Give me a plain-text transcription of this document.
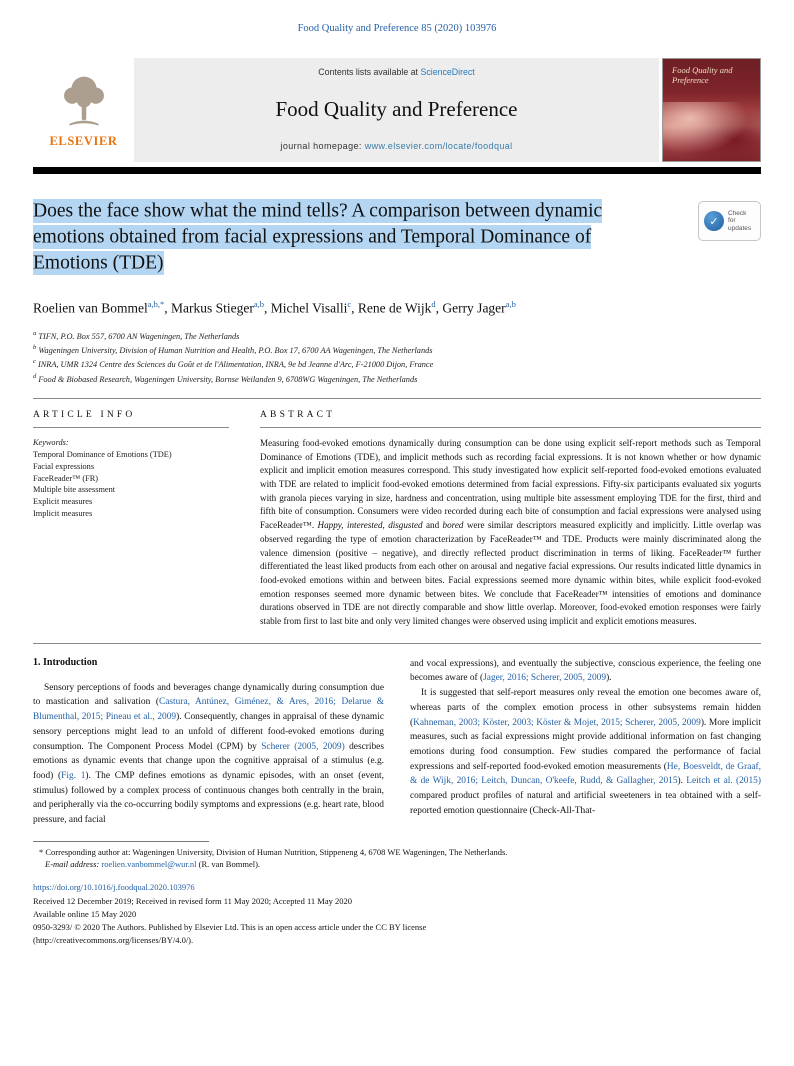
Food Quality and Preference 85 (2020) 103976
ELSEVIER
Contents lists available at ScienceDirect
Food Quality and Preference
journal homepage: www.elsevier.com/locate/foodqual
Food Quality and Preference
Does the face show what the mind tells? A comparison between dynamic emotions obtained from facial expressions and Temporal Dominance of Emotions (TDE)
✓
Check for updates
Roelien van Bommel$^{a,b,*}$, Markus Stieger$^{a,b}$, Michel Visalli$^c$, Rene de Wijk$^d$, Gerry Jager$^{a,b}$
$^a$ TIFN, P.O. Box 557, 6700 AN Wageningen, The Netherlands
$^b$ Wageningen University, Division of Human Nutrition and Health, P.O. Box 17, 6700 AA Wageningen, The Netherlands
$^c$ INRA, UMR 1324 Centre des Sciences du Goût et de l'Alimentation, INRA, 9e bd Jeanne d'Arc, F-21000 Dijon, France
$^d$ Food & Biobased Research, Wageningen University, Bornse Weilanden 9, 6708WG Wageningen, The Netherlands
ARTICLE INFO
Keywords:
Temporal Dominance of Emotions (TDE)
Facial expressions
FaceReader™ (FR)
Multiple bite assessment
Explicit measures
Implicit measures
ABSTRACT

Measuring food-evoked emotions dynamically during consumption can be done using explicit self-report methods such as Temporal Dominance of Emotions (TDE), and implicit methods such as recording facial expressions. It is not known whether or how dynamic explicit and implicit emotion measures correspond. This study investigated how explicit self-reported food-evoked emotions evaluated with TDE are related to implicit food-evoked emotions determined from facial expressions. Fifty-six participants evaluated six yogurts with granola pieces varying in size, hardness and concentration, using multiple bite assessment employing TDE for the first, third and fifth bite of consumption. Consumers were video recorded during each bite of consumption and facial expressions were analysed using FaceReader™. Happy, interested, disgusted and bored were similar descriptors measured explicitly and implicitly. Little overlap was observed regarding the type of emotion characterization by FaceReader™ and TDE. Products were mainly discriminated along the valence dimension (positive – negative), and directly reflected product discrimination in terms of liking. FaceReader™ further differentiated the least liked products from each other on arousal and negative facial expressions. Our results indicated little dynamics in food-evoked emotions within and between bites. Facial expressions seemed more dynamic within bites, while explicit food-evoked emotion responses seemed more dynamic between bites. We conclude that FaceReader™ intensities of emotions and dominance durations observed in TDE are not directly comparable and show little overlap. Moreover, food-evoked emotion responses were fairly stable from first to last bite and only very limited changes were observed using implicit and explicit emotions measures.

1. Introduction

Sensory perceptions of foods and beverages change dynamically during consumption due to mastication and salivation (Castura, Antúnez, Giménez, & Ares, 2016; Delarue & Blumenthal, 2015; Pineau et al., 2009). Consequently, changes in appraisal of these dynamic sensory perceptions might lead to an unfold of different food-evoked emotions during consumption. The Component Process Model (CPM) by Scherer (2005, 2009) describes emotions as dynamic events that change upon the cognitive appraisal of a stimulus (e.g. food) (Fig. 1). The CMP defines emotions as dynamic episodes, with an onset (event, stimulus) followed by a complex process of continuous changes both centrally in the brain, and peripherally via the co-occurring bodily symptoms and expressions (e.g. heart rate, blood pressure, and facial

and vocal expressions), and eventually the subjective, conscious experience, the feeling one becomes aware of (Jager, 2016; Scherer, 2005, 2009).

It is suggested that self-report measures only reveal the emotion one becomes aware of, whereas parts of the complex emotion process in other subsystems remain hidden (Kahneman, 2003; Köster, 2003; Köster & Mojet, 2015; Scherer, 2005, 2009). More implicit measures, such as facial expressions might provide additional information on fast changing emotions during food consumption. Few studies compared the performance of facial expressions and self-reported food-evoked emotion measurements (He, Boesveldt, de Graaf, & de Wijk, 2016; Leitch, Duncan, O'keefe, Rudd, & Gallagher, 2015). Leitch et al. (2015) compared product profiles of natural and artificial sweeteners in tea obtained with a self-reported emotion questionnaire (Check-All-That-

* Corresponding author at: Wageningen University, Division of Human Nutrition, Stippeneng 4, 6708 WE Wageningen, The Netherlands.

E-mail address: roelien.vanbommel@wur.nl (R. van Bommel).

https://doi.org/10.1016/j.foodqual.2020.103976
Received 12 December 2019; Received in revised form 11 May 2020; Accepted 11 May 2020
Available online 15 May 2020
0950-3293/ © 2020 The Authors. Published by Elsevier Ltd. This is an open access article under the CC BY license
(http://creativecommons.org/licenses/BY/4.0/).
